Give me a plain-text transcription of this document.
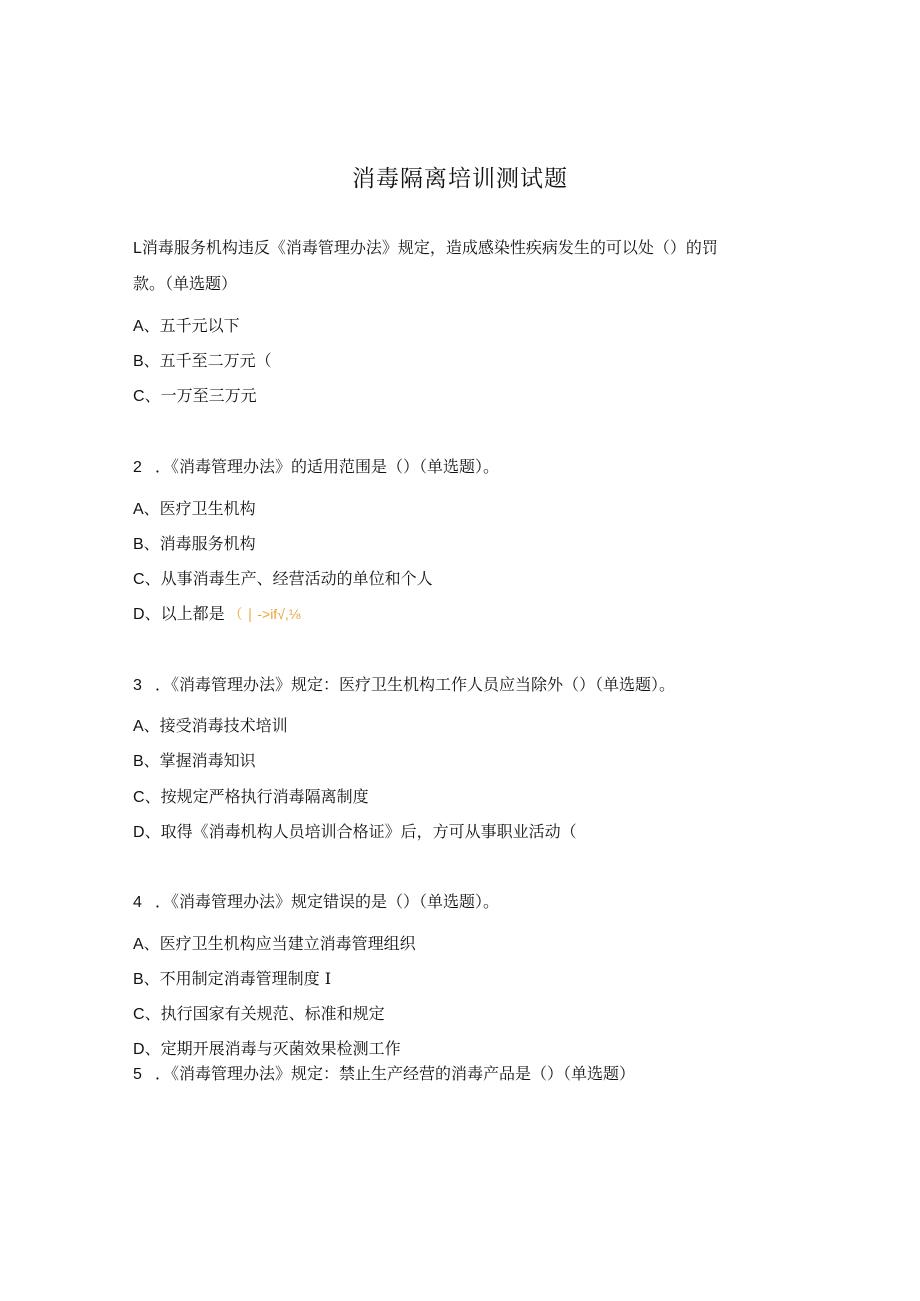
消毒隔离培训测试题
L消毒服务机构违反《消毒管理办法》规定，造成感染性疾病发生的可以处（）的罚
款。（单选题）
A、五千元以下
B、五千至二万元（
C、一万至三万元
2 ．《消毒管理办法》的适用范围是（）（单选题）。
A、医疗卫生机构
B、消毒服务机构
C、从事消毒生产、经营活动的单位和个人
D、以上都是 （ ∣ ->if√,⅛
3 ．《消毒管理办法》规定：医疗卫生机构工作人员应当除外（）（单选题）。
A、接受消毒技术培训
B、掌握消毒知识
C、按规定严格执行消毒隔离制度
D、取得《消毒机构人员培训合格证》后，方可从事职业活动（
4 ．《消毒管理办法》规定错误的是（）（单选题）。
A、医疗卫生机构应当建立消毒管理组织
B、不用制定消毒管理制度 I
C、执行国家有关规范、标准和规定
D、定期开展消毒与灭菌效果检测工作
5 ．《消毒管理办法》规定：禁止生产经营的消毒产品是（）（单选题）
